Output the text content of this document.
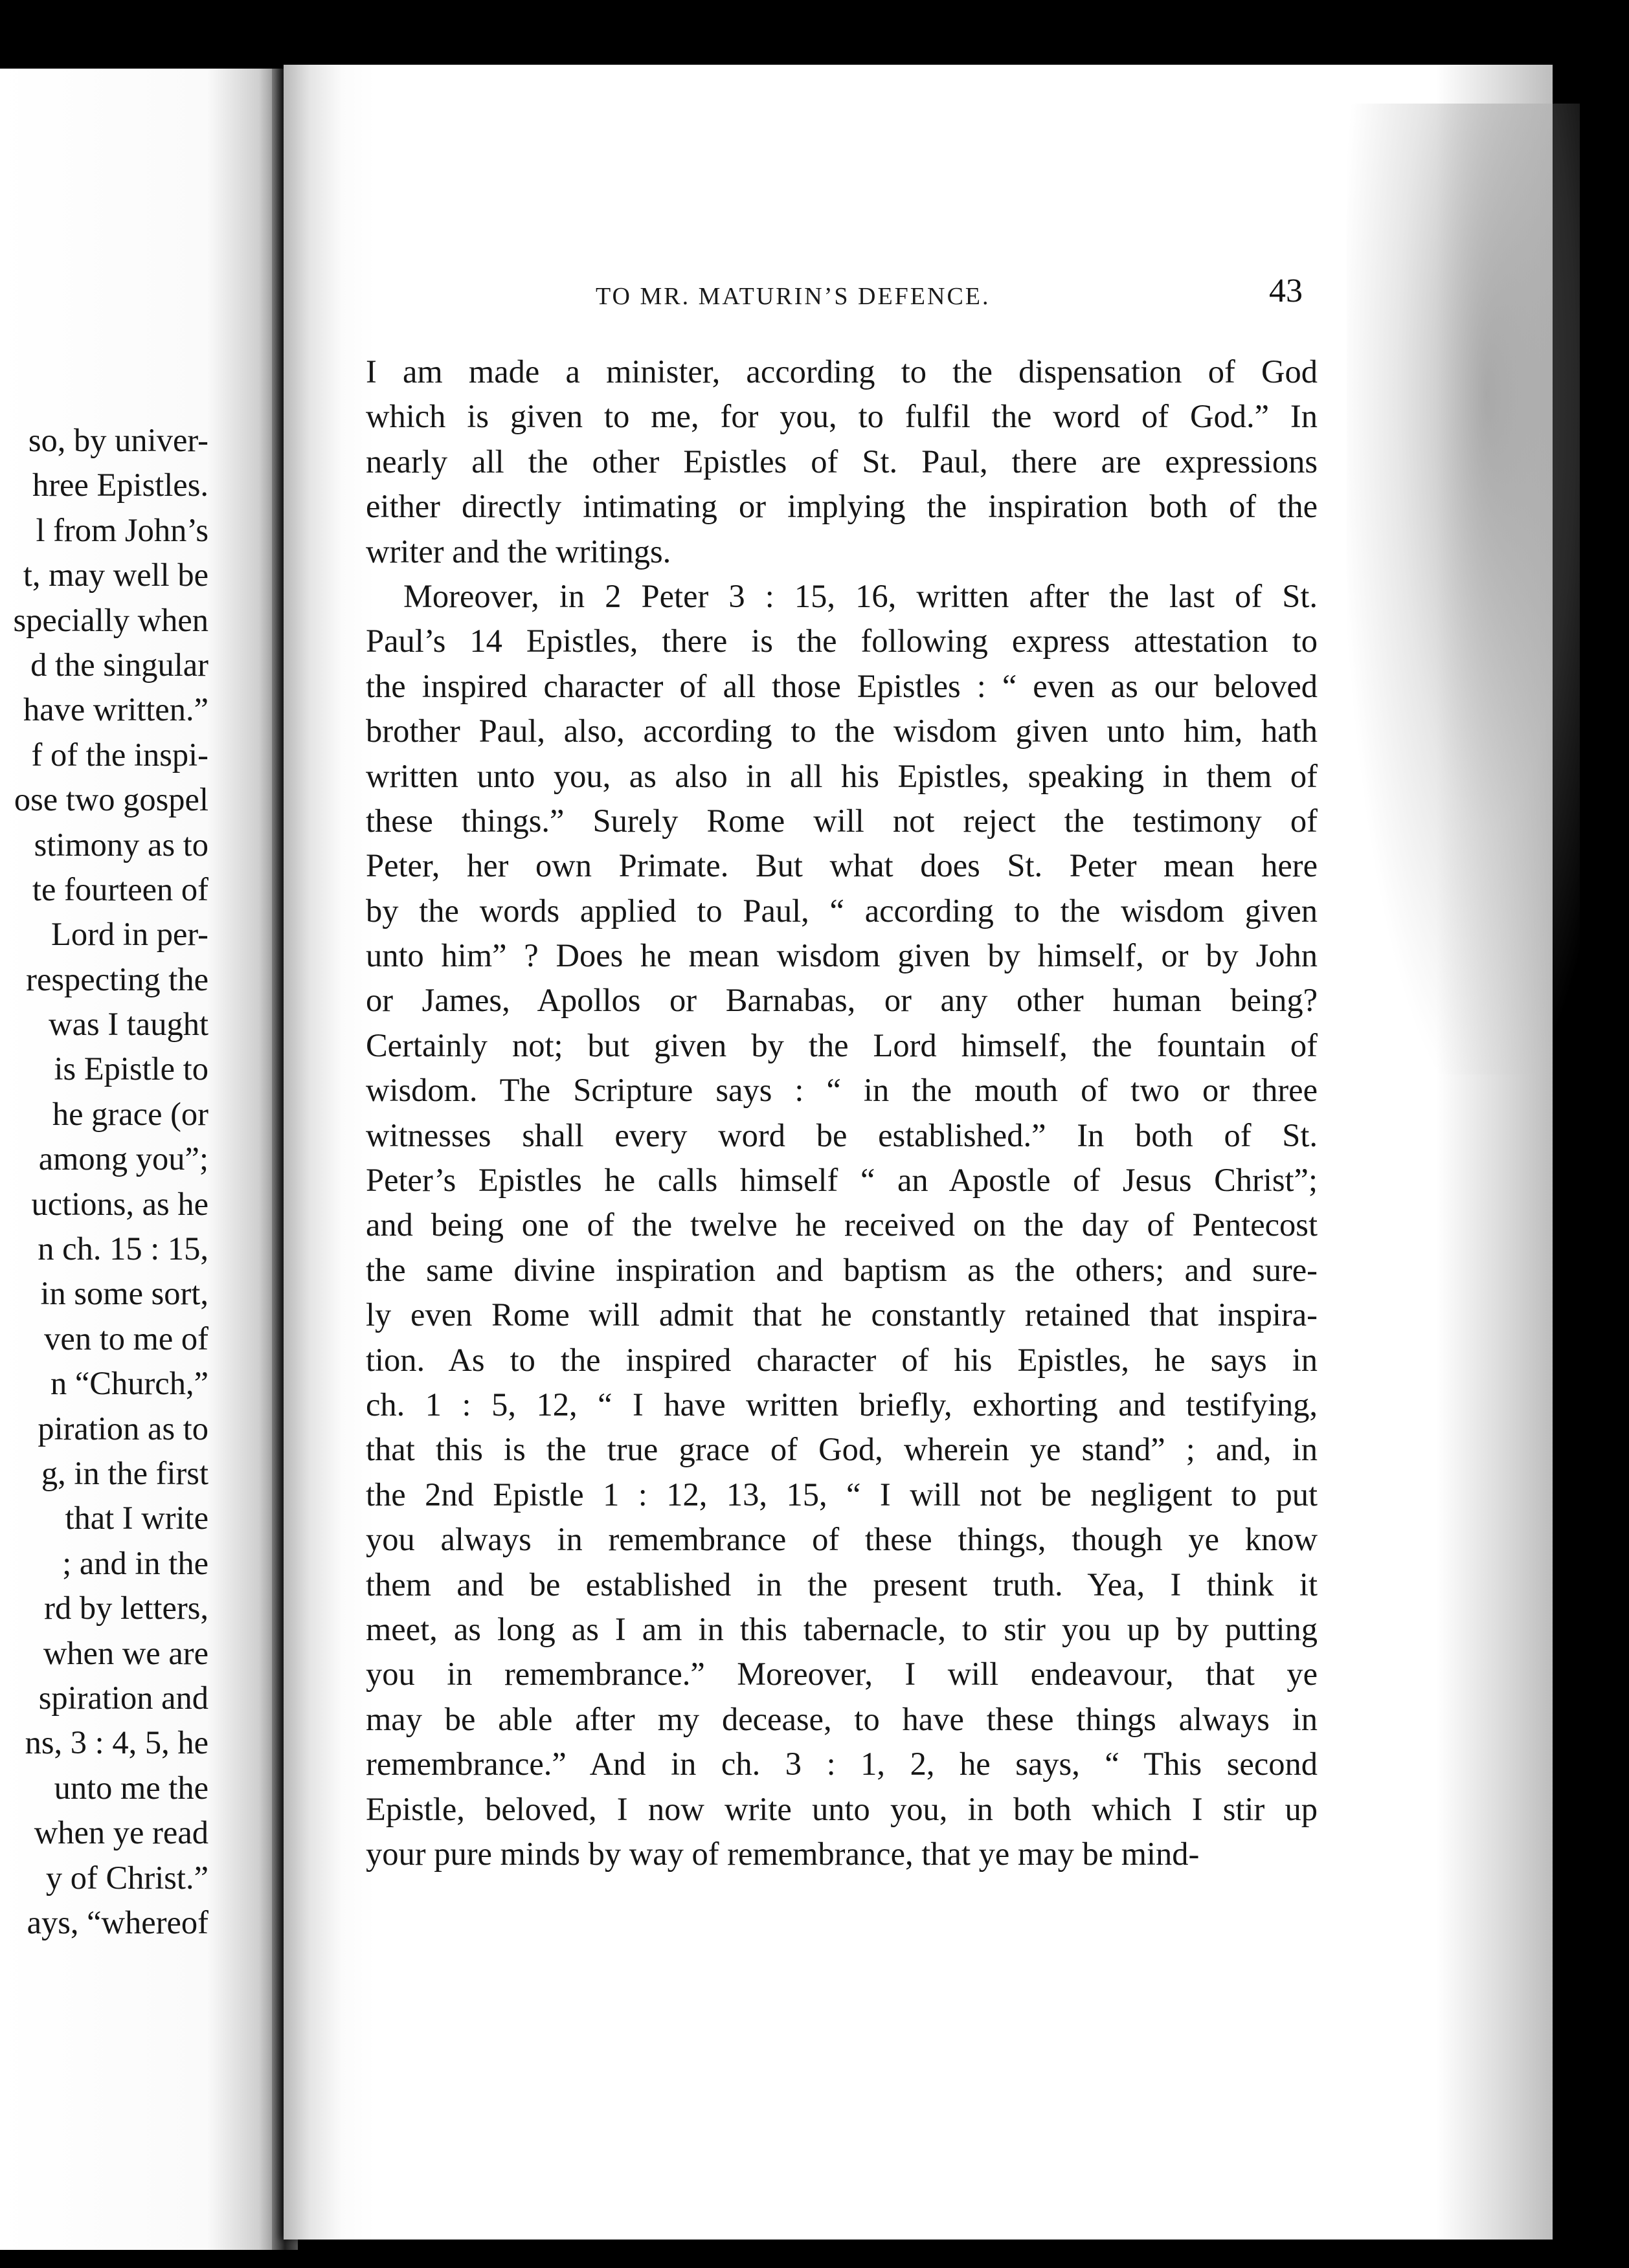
so, by univer-
hree Epistles.
l from John’s
t, may well be
specially when
d the singular
have written.”
f of the inspi-
ose two gospel
stimony as to
te fourteen of
Lord in per-
respecting the
was I taught
is Epistle to
he grace (or
among you”;
uctions, as he
n ch. 15 : 15,
in some sort,
ven to me of
n “Church,”
piration as to
g, in the first
that I write
; and in the
rd by letters,
when we are
spiration and
ns, 3 : 4, 5, he
unto me the
when ye read
y of Christ.”
ays, “whereof

TO MR. MATURIN’S DEFENCE.	43

I am made a minister, according to the dispensation of God
which is given to me, for you, to fulfil the word of God.” In
nearly all the other Epistles of St. Paul, there are expressions
either directly intimating or implying the inspiration both of the
writer and the writings.
Moreover, in 2 Peter 3 : 15, 16, written after the last of St.
Paul’s 14 Epistles, there is the following express attestation to
the inspired character of all those Epistles : “ even as our beloved
brother Paul, also, according to the wisdom given unto him, hath
written unto you, as also in all his Epistles, speaking in them of
these things.” Surely Rome will not reject the testimony of
Peter, her own Primate. But what does St. Peter mean here
by the words applied to Paul, “ according to the wisdom given
unto him” ? Does he mean wisdom given by himself, or by John
or James, Apollos or Barnabas, or any other human being?
Certainly not; but given by the Lord himself, the fountain of
wisdom. The Scripture says : “ in the mouth of two or three
witnesses shall every word be established.” In both of St.
Peter’s Epistles he calls himself “ an Apostle of Jesus Christ”;
and being one of the twelve he received on the day of Pentecost
the same divine inspiration and baptism as the others; and sure-
ly even Rome will admit that he constantly retained that inspira-
tion. As to the inspired character of his Epistles, he says in
ch. 1 : 5, 12, “ I have written briefly, exhorting and testifying,
that this is the true grace of God, wherein ye stand” ; and, in
the 2nd Epistle 1 : 12, 13, 15, “ I will not be negligent to put
you always in remembrance of these things, though ye know
them and be established in the present truth. Yea, I think it
meet, as long as I am in this tabernacle, to stir you up by putting
you in remembrance.” Moreover, I will endeavour, that ye
may be able after my decease, to have these things always in
remembrance.” And in ch. 3 : 1, 2, he says, “ This second
Epistle, beloved, I now write unto you, in both which I stir up
your pure minds by way of remembrance, that ye may be mind-
